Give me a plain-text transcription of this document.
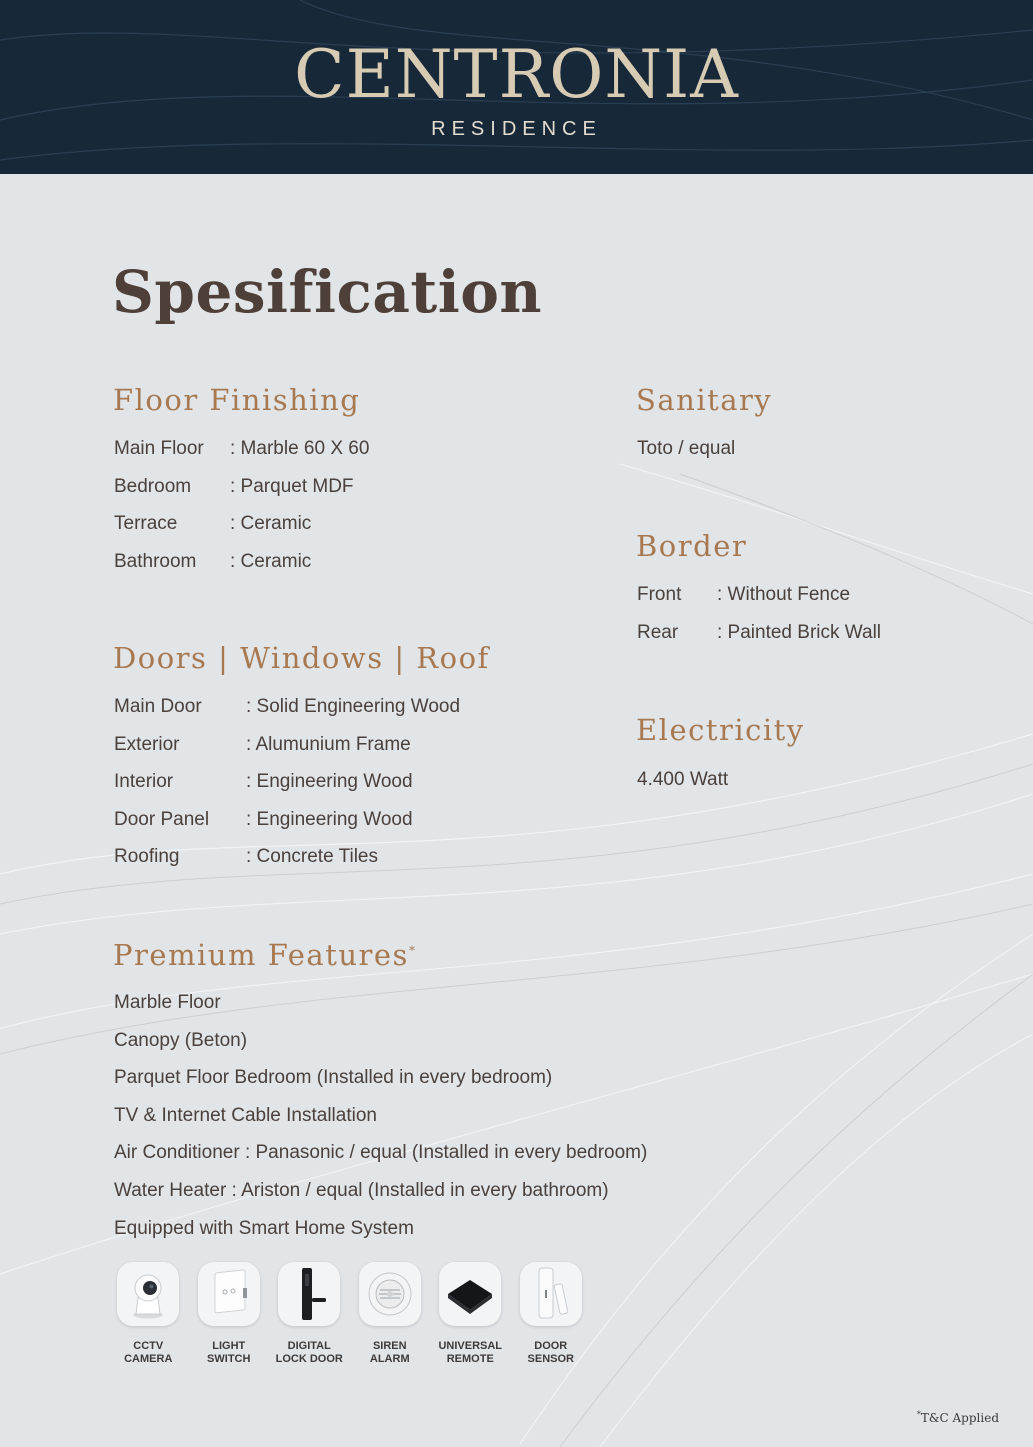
CENTRONIA
RESIDENCE
Spesification
Floor Finishing
Main Floor : Marble 60 X 60
Bedroom : Parquet MDF
Terrace	: Ceramic
Bathroom : Ceramic
Doors | Windows | Roof
Main Door : Solid Engineering Wood
Exterior	: Alumunium Frame
Interior	: Engineering Wood
Door Panel : Engineering Wood
Roofing	: Concrete Tiles
Sanitary
Toto / equal
Border
Front : Without Fence
Rear : Painted Brick Wall
Electricity
4.400 Watt
Premium Features*
Marble Floor
Canopy (Beton)
Parquet Floor Bedroom (Installed in every bedroom)
TV & Internet Cable Installation
Air Conditioner : Panasonic / equal (Installed in every bedroom)
Water Heater : Ariston / equal (Installed in every bathroom)
Equipped with Smart Home System
CCTV
CAMERA
LIGHT
SWITCH
DIGITAL
LOCK DOOR
SIREN
ALARM
UNIVERSAL
REMOTE
DOOR
SENSOR
*T&C Applied
